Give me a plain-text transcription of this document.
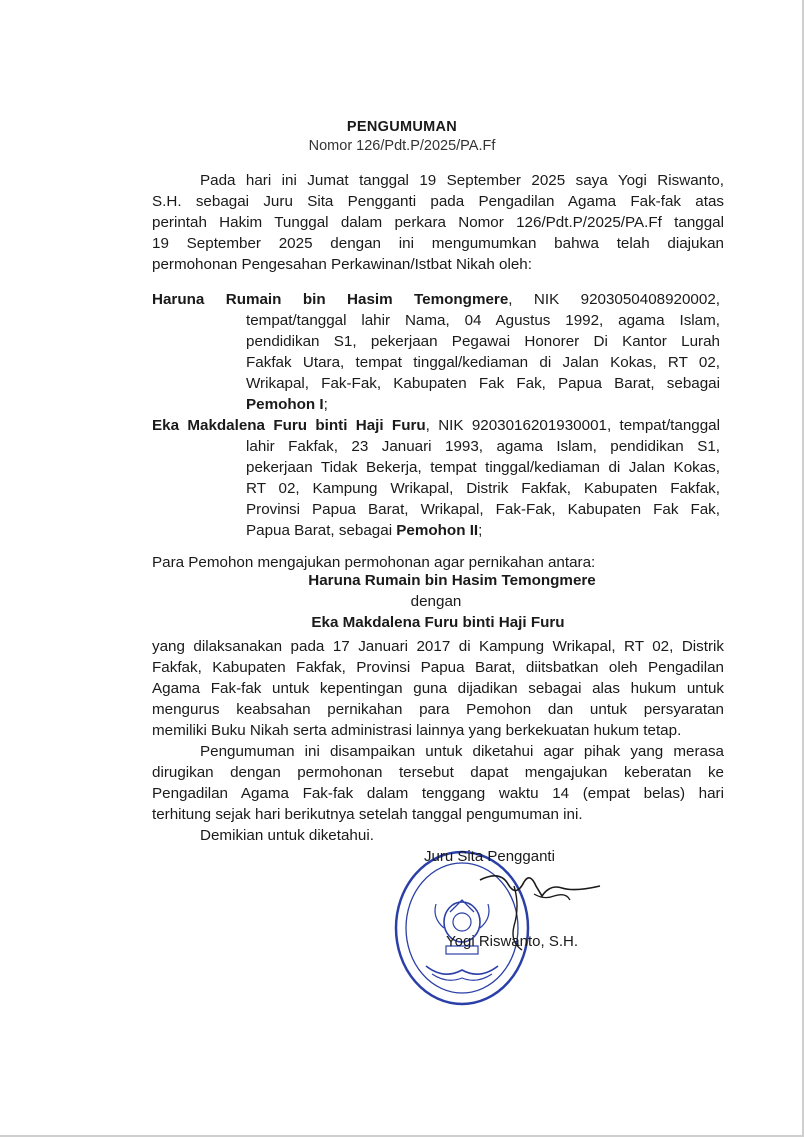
PENGUMUMAN
Nomor 126/Pdt.P/2025/PA.Ff
Pada hari ini Jumat tanggal 19 September 2025 saya Yogi Riswanto,
S.H. sebagai Juru Sita Pengganti pada Pengadilan Agama Fak-fak atas
perintah Hakim Tunggal dalam perkara Nomor 126/Pdt.P/2025/PA.Ff tanggal
19 September 2025 dengan ini mengumumkan bahwa telah diajukan
permohonan Pengesahan Perkawinan/Istbat Nikah oleh:
Haruna Rumain bin Hasim Temongmere, NIK 9203050408920002,
tempat/tanggal lahir Nama, 04 Agustus 1992, agama Islam,
pendidikan S1, pekerjaan Pegawai Honorer Di Kantor Lurah
Fakfak Utara, tempat tinggal/kediaman di Jalan Kokas, RT 02,
Wrikapal, Fak-Fak, Kabupaten Fak Fak, Papua Barat, sebagai
Pemohon I;
Eka Makdalena Furu binti Haji Furu, NIK 9203016201930001, tempat/tanggal
lahir Fakfak, 23 Januari 1993, agama Islam, pendidikan S1,
pekerjaan Tidak Bekerja, tempat tinggal/kediaman di Jalan Kokas,
RT 02, Kampung Wrikapal, Distrik Fakfak, Kabupaten Fakfak,
Provinsi Papua Barat, Wrikapal, Fak-Fak, Kabupaten Fak Fak,
Papua Barat, sebagai Pemohon II;
Para Pemohon mengajukan permohonan agar pernikahan antara:
Haruna Rumain bin Hasim Temongmere
dengan
Eka Makdalena Furu binti Haji Furu
yang dilaksanakan pada 17 Januari 2017 di Kampung Wrikapal, RT 02, Distrik
Fakfak, Kabupaten Fakfak, Provinsi Papua Barat, diitsbatkan oleh Pengadilan
Agama Fak-fak untuk kepentingan guna dijadikan sebagai alas hukum untuk
mengurus keabsahan pernikahan para Pemohon dan untuk persyaratan
memiliki Buku Nikah serta administrasi lainnya yang berkekuatan hukum tetap.
Pengumuman ini disampaikan untuk diketahui agar pihak yang merasa
dirugikan dengan permohonan tersebut dapat mengajukan keberatan ke
Pengadilan Agama Fak-fak dalam tenggang waktu 14 (empat belas) hari
terhitung sejak hari berikutnya setelah tanggal pengumuman ini.
Demikian untuk diketahui.
Juru Sita Pengganti
Yogi Riswanto, S.H.
